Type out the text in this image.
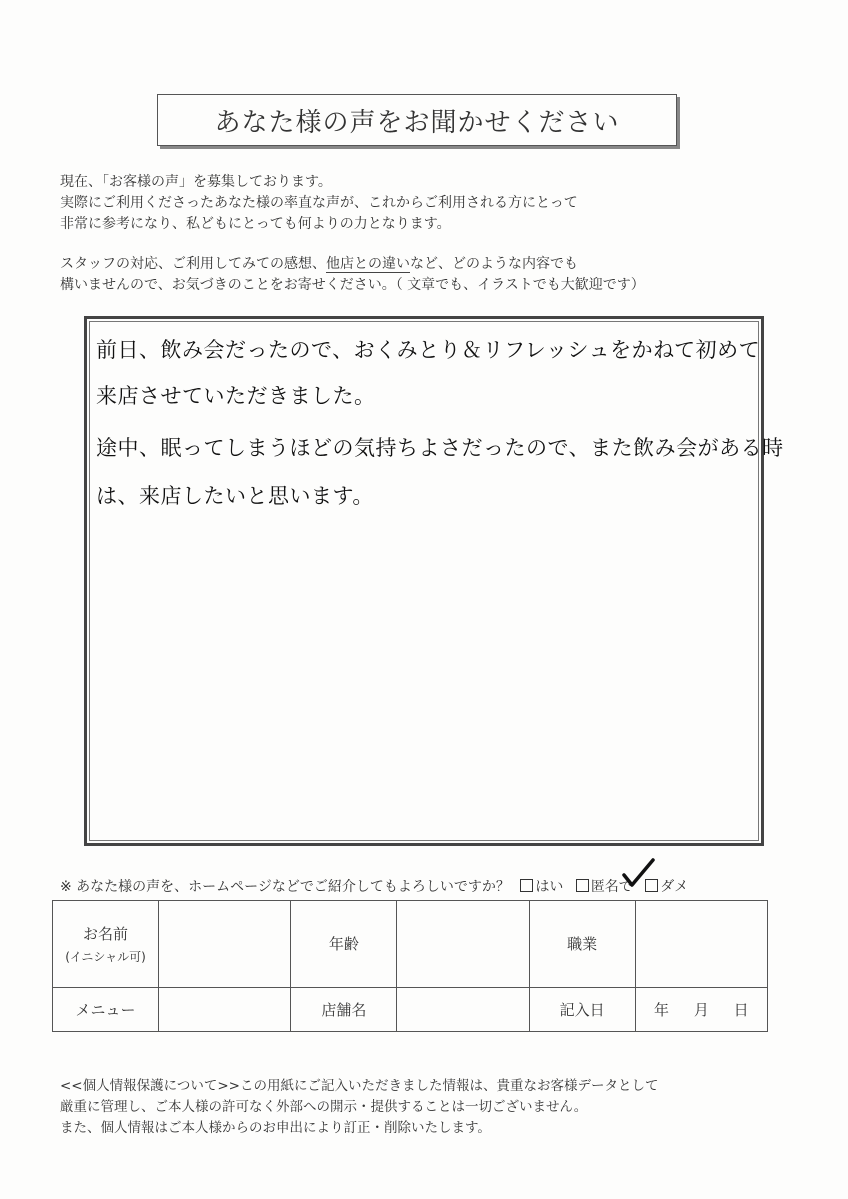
あなた様の声をお聞かせください

現在、「お客様の声」を募集しております。

実際にご利用くださったあなた様の率直な声が、これからご利用される方にとって

非常に参考になり、私どもにとっても何よりの力となります。

スタッフの対応、ご利用してみての感想、他店との違いなど、どのような内容でも

構いませんので、お気づきのことをお寄せください。（ 文章でも、イラストでも大歓迎です）

前日、飲み会だったので、おくみとり＆リフレッシュをかねて初めて
来店させていただきました。
途中、眠ってしまうほどの気持ちよさだったので、また飲み会がある時
は、来店したいと思います。
※ あなた様の声を、ホームページなどでご紹介してもよろしいですか？ はい 匿名で ダメ
お名前
(イニシャル可)		年齢		職業	
メニュー		店舗名		記入日	年 月 日

<<個人情報保護について>>この用紙にご記入いただきました情報は、貴重なお客様データとして

厳重に管理し、ご本人様の許可なく外部への開示・提供することは一切ございません。

また、個人情報はご本人様からのお申出により訂正・削除いたします。
